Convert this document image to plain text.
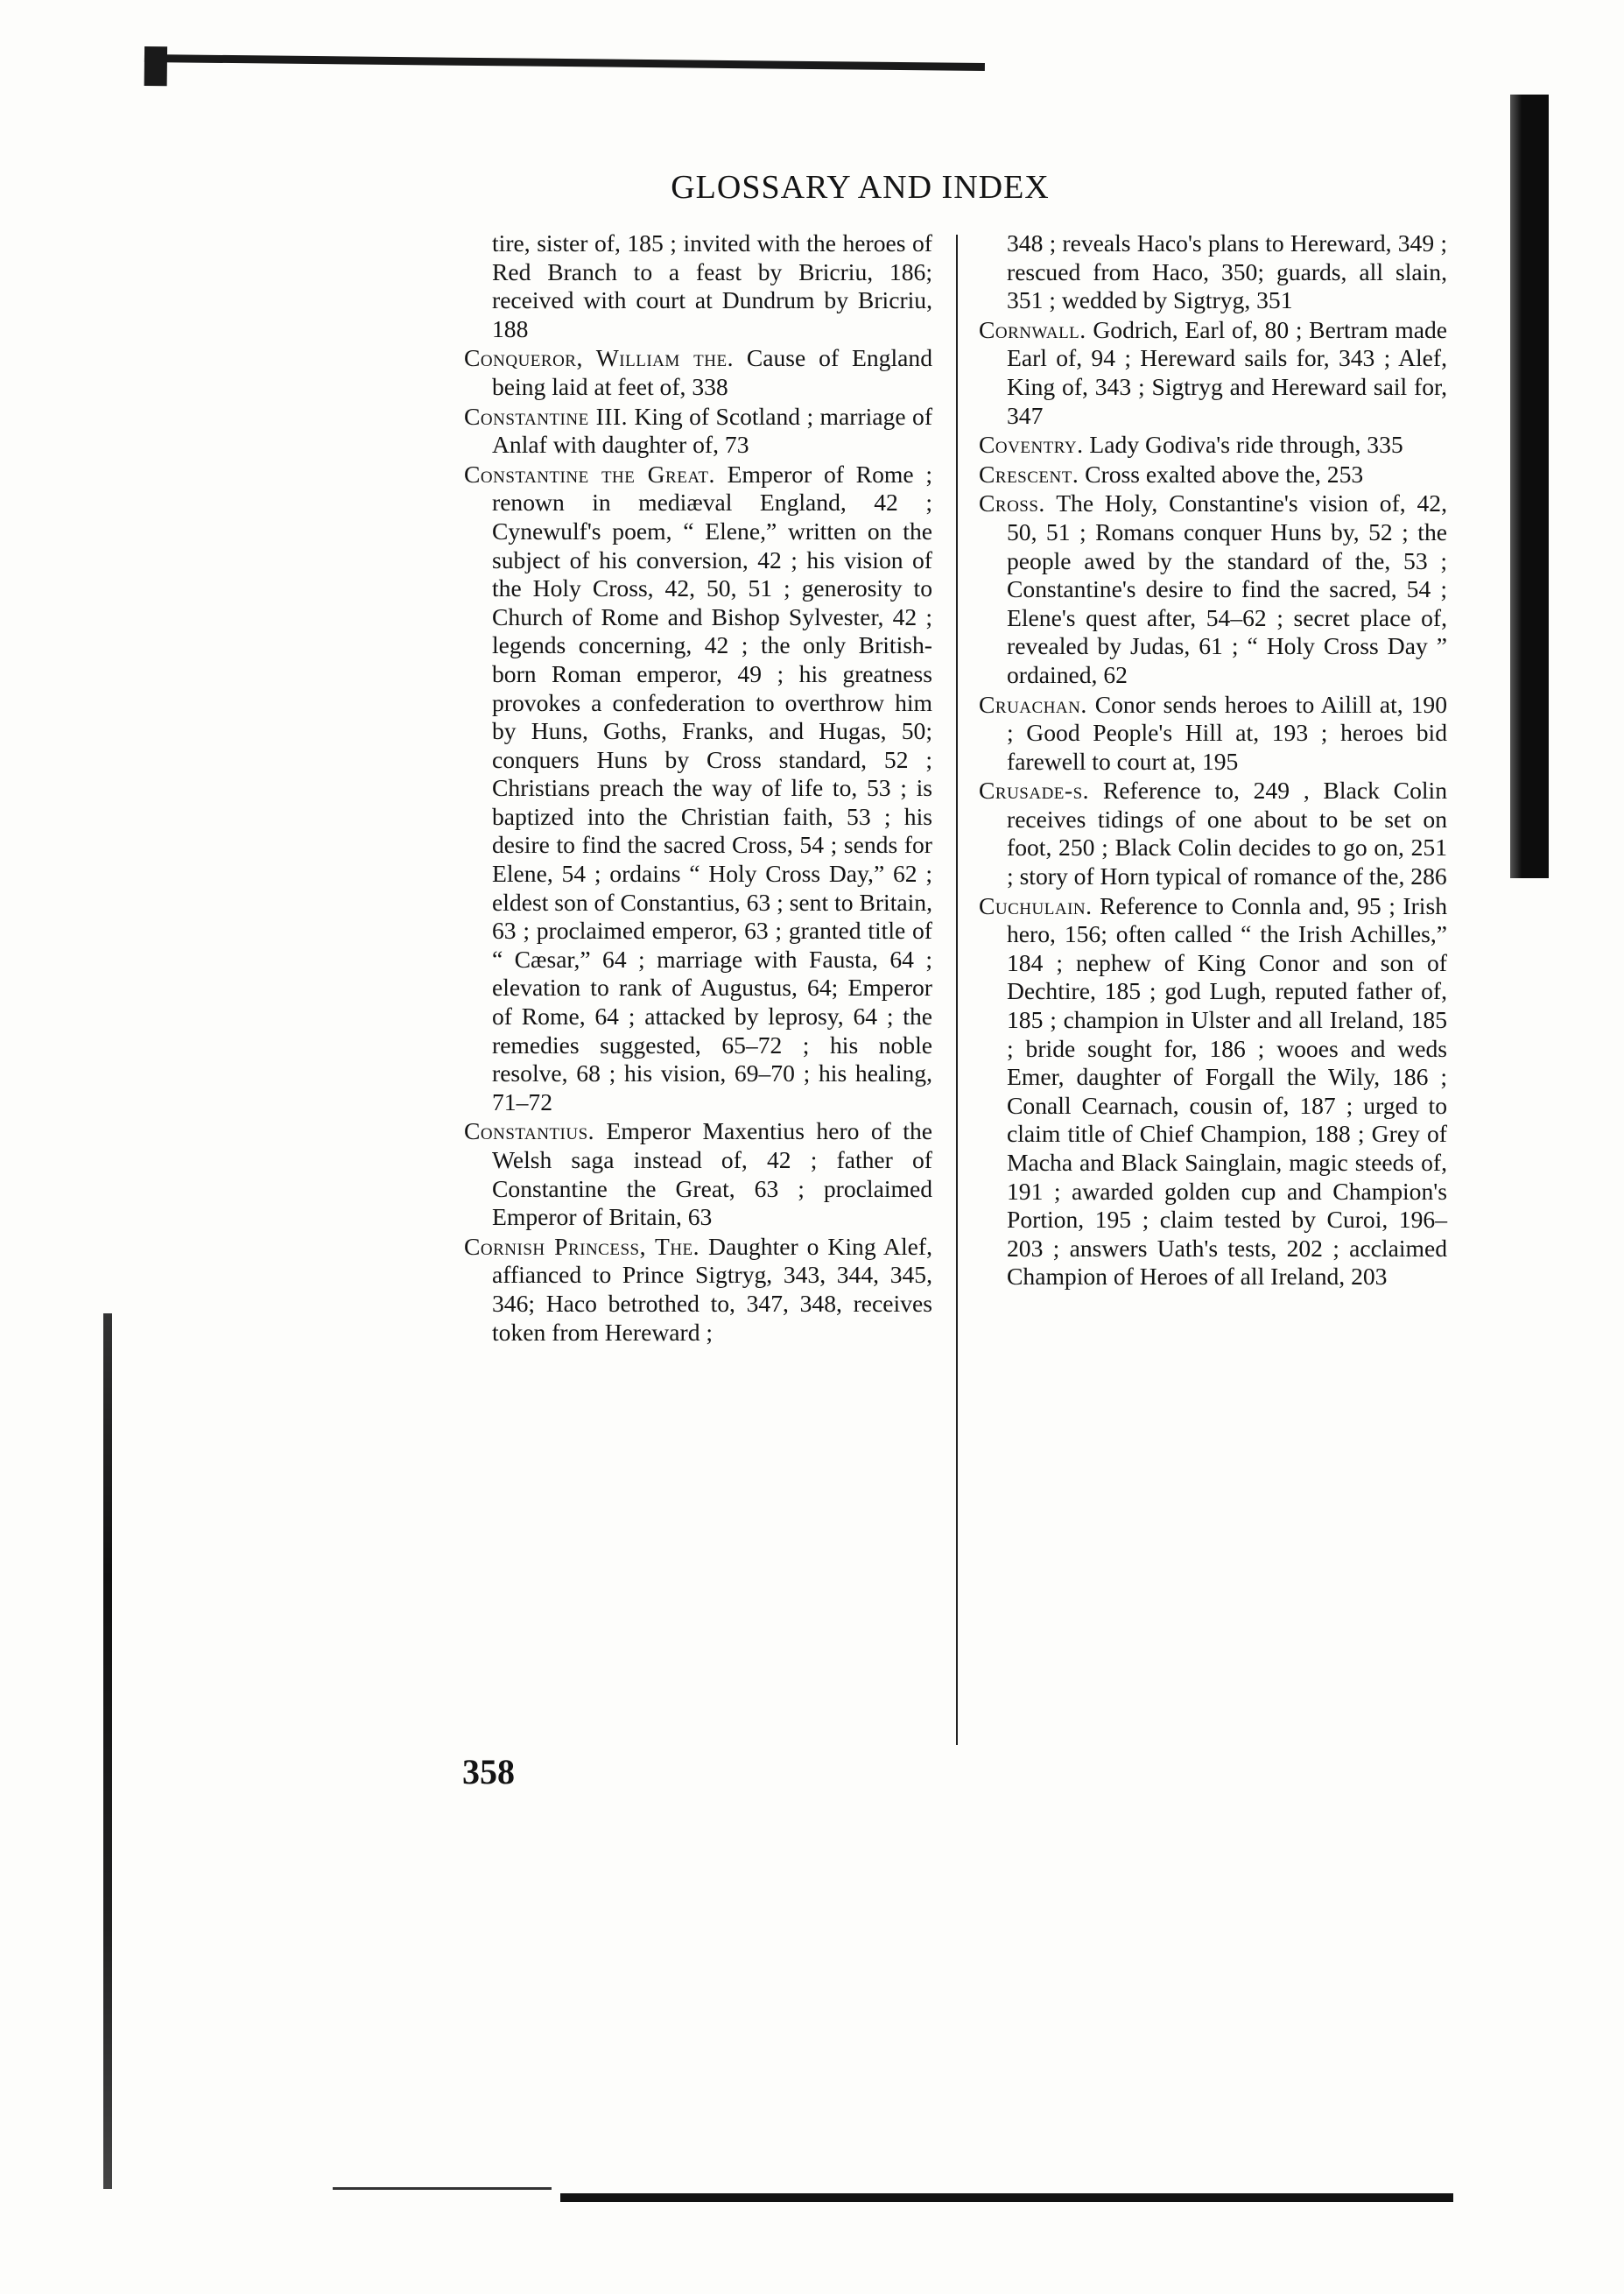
GLOSSARY AND INDEX

tire, sister of, 185 ; invited with the heroes of Red Branch to a feast by Bricriu, 186; received with court at Dundrum by Bricriu, 188

Conqueror, William the. Cause of England being laid at feet of, 338

Constantine III. King of Scotland ; marriage of Anlaf with daughter of, 73

Constantine the Great. Emperor of Rome ; renown in mediæval England, 42 ; Cynewulf's poem, “ Elene,” written on the subject of his conversion, 42 ; his vision of the Holy Cross, 42, 50, 51 ; generosity to Church of Rome and Bishop Sylvester, 42 ; legends concerning, 42 ; the only British-born Roman emperor, 49 ; his greatness provokes a confederation to overthrow him by Huns, Goths, Franks, and Hugas, 50; conquers Huns by Cross standard, 52 ; Christians preach the way of life to, 53 ; is baptized into the Christian faith, 53 ; his desire to find the sacred Cross, 54 ; sends for Elene, 54 ; ordains “ Holy Cross Day,” 62 ; eldest son of Constantius, 63 ; sent to Britain, 63 ; proclaimed emperor, 63 ; granted title of “ Cæsar,” 64 ; marriage with Fausta, 64 ; elevation to rank of Augustus, 64; Emperor of Rome, 64 ; attacked by leprosy, 64 ; the remedies suggested, 65–72 ; his noble resolve, 68 ; his vision, 69–70 ; his healing, 71–72

Constantius. Emperor Maxentius hero of the Welsh saga instead of, 42 ; father of Constantine the Great, 63 ; proclaimed Emperor of Britain, 63

Cornish Princess, The. Daughter o King Alef, affianced to Prince Sigtryg, 343, 344, 345, 346; Haco betrothed to, 347, 348, receives token from Hereward ;

348 ; reveals Haco's plans to Hereward, 349 ; rescued from Haco, 350; guards, all slain, 351 ; wedded by Sigtryg, 351

Cornwall. Godrich, Earl of, 80 ; Bertram made Earl of, 94 ; Hereward sails for, 343 ; Alef, King of, 343 ; Sigtryg and Hereward sail for, 347

Coventry. Lady Godiva's ride through, 335

Crescent. Cross exalted above the, 253

Cross. The Holy, Constantine's vision of, 42, 50, 51 ; Romans conquer Huns by, 52 ; the people awed by the standard of the, 53 ; Constantine's desire to find the sacred, 54 ; Elene's quest after, 54–62 ; secret place of, revealed by Judas, 61 ; “ Holy Cross Day ” ordained, 62

Cruachan. Conor sends heroes to Ailill at, 190 ; Good People's Hill at, 193 ; heroes bid farewell to court at, 195

Crusade-s. Reference to, 249 , Black Colin receives tidings of one about to be set on foot, 250 ; Black Colin decides to go on, 251 ; story of Horn typical of romance of the, 286

Cuchulain. Reference to Connla and, 95 ; Irish hero, 156; often called “ the Irish Achilles,” 184 ; nephew of King Conor and son of Dechtire, 185 ; god Lugh, reputed father of, 185 ; champion in Ulster and all Ireland, 185 ; bride sought for, 186 ; wooes and weds Emer, daughter of Forgall the Wily, 186 ; Conall Cearnach, cousin of, 187 ; urged to claim title of Chief Champion, 188 ; Grey of Macha and Black Sainglain, magic steeds of, 191 ; awarded golden cup and Champion's Portion, 195 ; claim tested by Curoi, 196–203 ; answers Uath's tests, 202 ; acclaimed Champion of Heroes of all Ireland, 203

358
